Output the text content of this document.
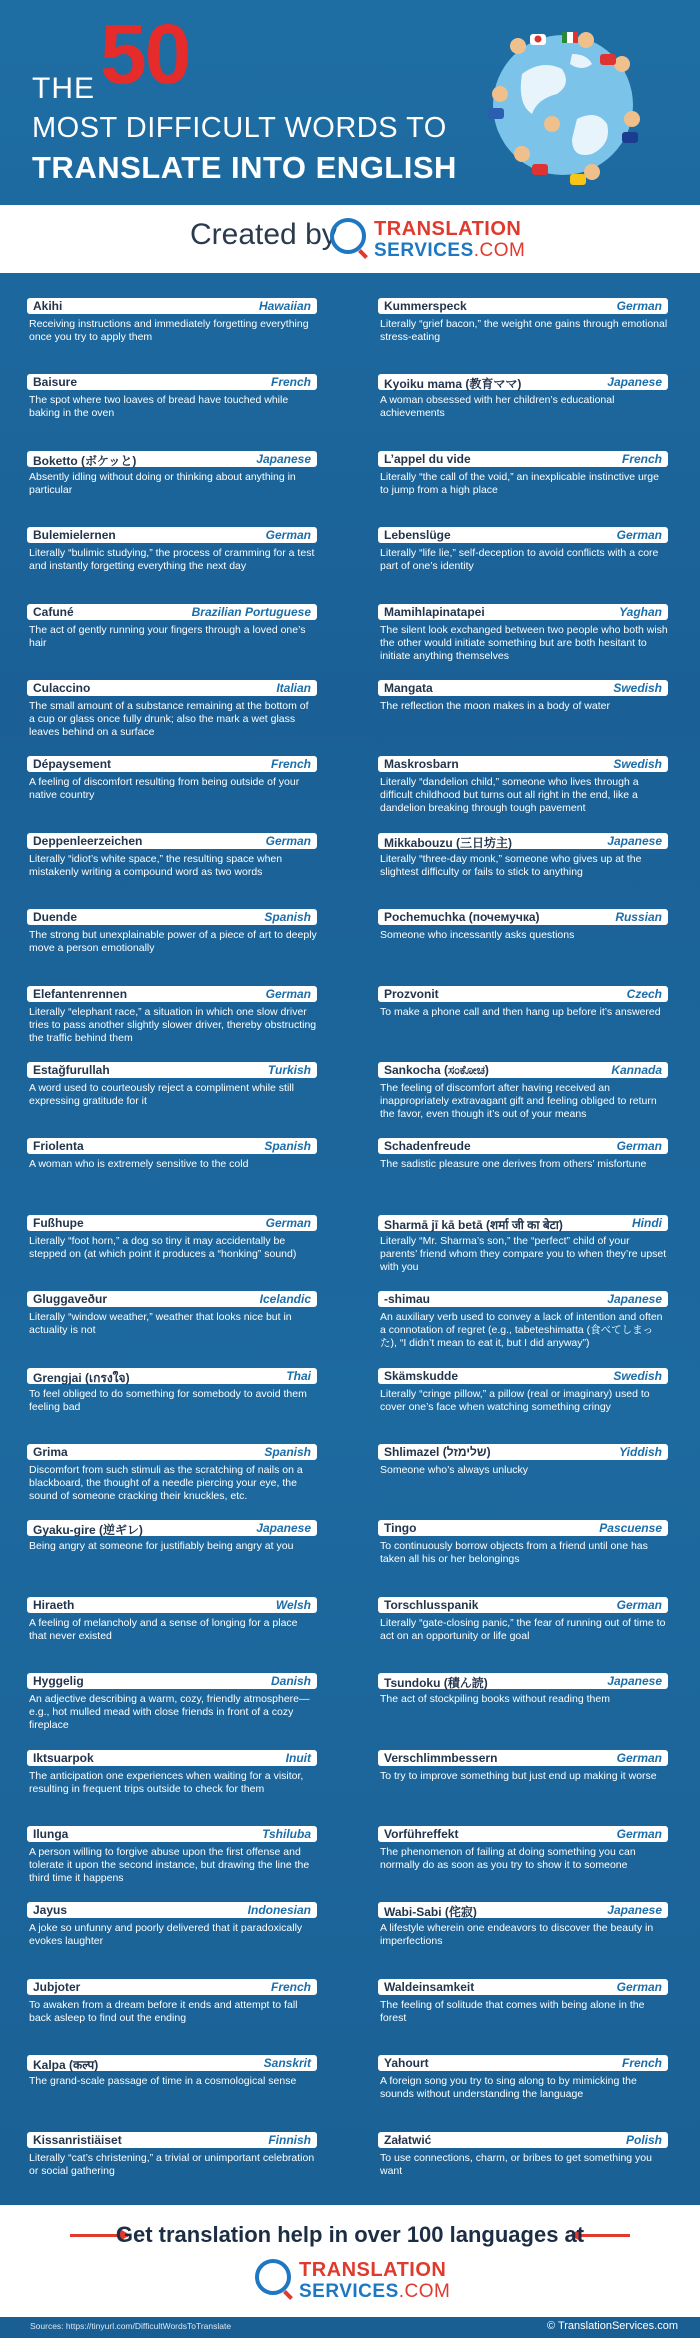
THE 50
MOST DIFFICULT WORDS TO
TRANSLATE INTO ENGLISH
Created by TRANSLATION
SERVICES.COM
Akihi	Hawaiian
Receiving instructions and immediately forgetting everything once you try to apply them
Baisure	French
The spot where two loaves of bread have touched while baking in the oven
Boketto (ボケッと)	Japanese
Absently idling without doing or thinking about anything in particular
Bulemielernen	German
Literally “bulimic studying,” the process of cramming for a test and instantly forgetting everything the next day
Cafuné	Brazilian Portuguese
The act of gently running your fingers through a loved one’s hair
Culaccino	Italian
The small amount of a substance remaining at the bottom of a cup or glass once fully drunk; also the mark a wet glass leaves behind on a surface
Dépaysement	French
A feeling of discomfort resulting from being outside of your native country
Deppenleerzeichen	German
Literally “idiot’s white space,” the resulting space when mistakenly writing a compound word as two words
Duende	Spanish
The strong but unexplainable power of a piece of art to deeply move a person emotionally
Elefantenrennen	German
Literally “elephant race,” a situation in which one slow driver tries to pass another slightly slower driver, thereby obstructing the traffic behind them
Estağfurullah	Turkish
A word used to courteously reject a compliment while still expressing gratitude for it
Friolenta	Spanish
A woman who is extremely sensitive to the cold
Fußhupe	German
Literally “foot horn,” a dog so tiny it may accidentally be stepped on (at which point it produces a “honking” sound)
Gluggaveður	Icelandic
Literally “window weather,” weather that looks nice but in actuality is not
Grengjai (เกรงใจ)	Thai
To feel obliged to do something for somebody to avoid them feeling bad
Grima	Spanish
Discomfort from such stimuli as the scratching of nails on a blackboard, the thought of a needle piercing your eye, the sound of someone cracking their knuckles, etc.
Gyaku-gire (逆ギレ)	Japanese
Being angry at someone for justifiably being angry at you
Hiraeth	Welsh
A feeling of melancholy and a sense of longing for a place that never existed
Hyggelig	Danish
An adjective describing a warm, cozy, friendly atmosphere—e.g., hot mulled mead with close friends in front of a cozy fireplace
Iktsuarpok	Inuit
The anticipation one experiences when waiting for a visitor, resulting in frequent trips outside to check for them
Ilunga	Tshiluba
A person willing to forgive abuse upon the first offense and tolerate it upon the second instance, but drawing the line the third time it happens
Jayus	Indonesian
A joke so unfunny and poorly delivered that it paradoxically evokes laughter
Jubjoter	French
To awaken from a dream before it ends and attempt to fall back asleep to find out the ending
Kalpa (कल्प)	Sanskrit
The grand-scale passage of time in a cosmological sense
Kissanristiäiset	Finnish
Literally “cat’s christening,” a trivial or unimportant celebration or social gathering
Kummerspeck	German
Literally “grief bacon,” the weight one gains through emotional stress-eating
Kyoiku mama (教育ママ)	Japanese
A woman obsessed with her children’s educational achievements
L’appel du vide	French
Literally “the call of the void,” an inexplicable instinctive urge to jump from a high place
Lebenslüge	German
Literally “life lie,” self-deception to avoid conflicts with a core part of one’s identity
Mamihlapinatapei	Yaghan
The silent look exchanged between two people who both wish the other would initiate something but are both hesitant to initiate anything themselves
Mangata	Swedish
The reflection the moon makes in a body of water
Maskrosbarn	Swedish
Literally “dandelion child,” someone who lives through a difficult childhood but turns out all right in the end, like a dandelion breaking through tough pavement
Mikkabouzu (三日坊主)	Japanese
Literally “three-day monk,” someone who gives up at the slightest difficulty or fails to stick to anything
Pochemuchka (почемучка)	Russian
Someone who incessantly asks questions
Prozvonit	Czech
To make a phone call and then hang up before it’s answered
Sankocha (ಸಂಕೋಚ)	Kannada
The feeling of discomfort after having received an inappropriately extravagant gift and feeling obliged to return the favor, even though it’s out of your means
Schadenfreude	German
The sadistic pleasure one derives from others’ misfortune
Sharmā jī kā betā (शर्मा जी का बेटा)	Hindi
Literally “Mr. Sharma’s son,” the “perfect” child of your parents’ friend whom they compare you to when they’re upset with you
-shimau	Japanese
An auxiliary verb used to convey a lack of intention and often a connotation of regret (e.g., tabeteshimatta (食べてしまった), “I didn’t mean to eat it, but I did anyway”)
Skämskudde	Swedish
Literally “cringe pillow,” a pillow (real or imaginary) used to cover one’s face when watching something cringy
Shlimazel (שלימזל)	Yiddish
Someone who’s always unlucky
Tingo	Pascuense
To continuously borrow objects from a friend until one has taken all his or her belongings
Torschlusspanik	German
Literally “gate-closing panic,” the fear of running out of time to act on an opportunity or life goal
Tsundoku (積ん読)	Japanese
The act of stockpiling books without reading them
Verschlimmbessern	German
To try to improve something but just end up making it worse
Vorführeffekt	German
The phenomenon of failing at doing something you can normally do as soon as you try to show it to someone
Wabi-Sabi (侘寂)	Japanese
A lifestyle wherein one endeavors to discover the beauty in imperfections
Waldeinsamkeit	German
The feeling of solitude that comes with being alone in the forest
Yahourt	French
A foreign song you try to sing along to by mimicking the sounds without understanding the language
Załatwić	Polish
To use connections, charm, or bribes to get something you want
Get translation help in over 100 languages at
TRANSLATION
SERVICES.COM
Sources: https://tinyurl.com/DifficultWordsToTranslate	© TranslationServices.com
